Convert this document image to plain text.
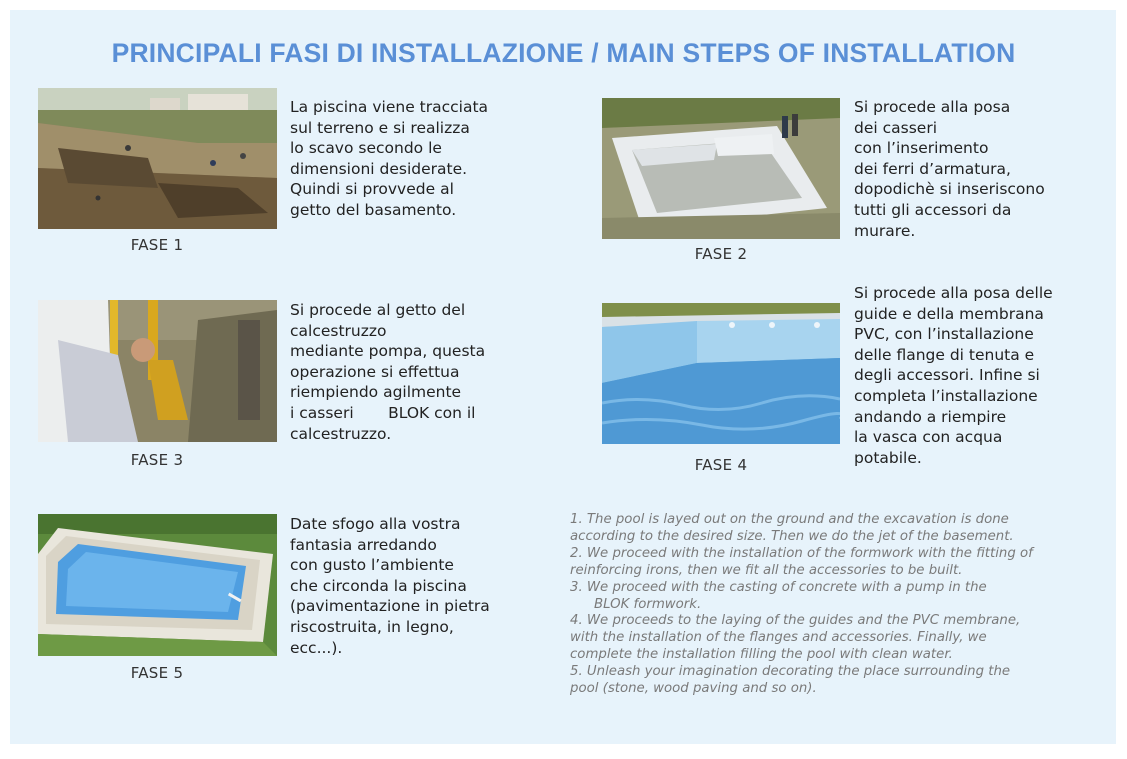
PRINCIPALI FASI DI INSTALLAZIONE / MAIN STEPS OF INSTALLATION
FASE 1
La piscina viene tracciata
sul terreno e si realizza
lo scavo secondo le
dimensioni desiderate.
Quindi si provvede al
getto del basamento.
FASE 2
Si procede alla posa
dei casseri
con l’inserimento
dei ferri d’armatura,
dopodichè si inseriscono
tutti gli accessori da
murare.
FASE 3
Si procede al getto del
calcestruzzo
mediante pompa, questa
operazione si effettua
riempiendo agilmente
i casseri       BLOK con il
calcestruzzo.
FASE 4
Si procede alla posa delle
guide e della membrana
PVC, con l’installazione
delle flange di tenuta e
degli accessori. Infine si
completa l’installazione
andando a riempire
la vasca con acqua
potabile.
FASE 5
Date sfogo alla vostra
fantasia arredando
con gusto l’ambiente
che circonda la piscina
(pavimentazione in pietra
riscostruita, in legno,
ecc...).
1. The pool is layed out on the ground and the excavation is done
according to the desired size. Then we do the jet of the basement.
2. We proceed with the installation of the formwork with the fitting of
reinforcing irons, then we fit all the accessories to be built.
3. We proceed with the casting of concrete with a pump in the
BLOK formwork.
4. We proceeds to the laying of the guides and the PVC membrane,
with the installation of the flanges and accessories. Finally, we
complete the installation filling the pool with clean water.
5. Unleash your imagination decorating the place surrounding the
pool (stone, wood paving and so on).
